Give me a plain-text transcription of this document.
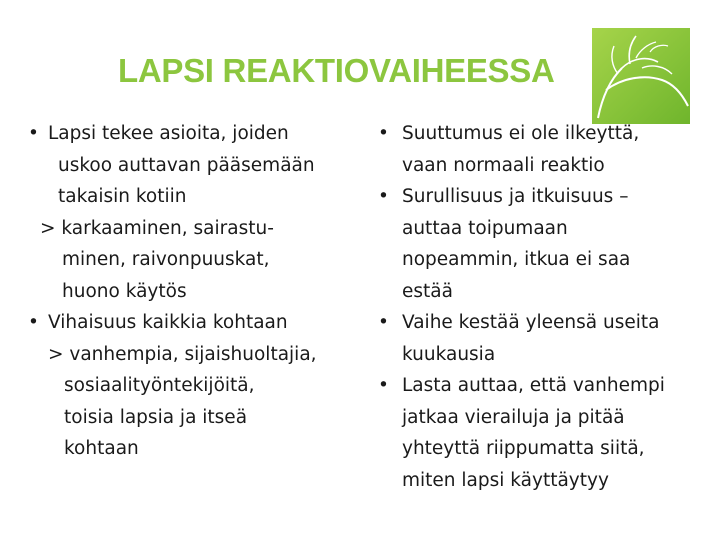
LAPSI REAKTIOVAIHEESSA
• Lapsi tekee asioita, joiden
uskoo auttavan pääsemään
takaisin kotiin
> karkaaminen, sairastu-
minen, raivonpuuskat,
huono käytös
• Vihaisuus kaikkia kohtaan
> vanhempia, sijaishuoltajia,
sosiaalityöntekijöitä,
toisia lapsia ja itseä
kohtaan
• Suuttumus ei ole ilkeyttä,
vaan normaali reaktio
• Surullisuus ja itkuisuus –
auttaa toipumaan
nopeammin, itkua ei saa
estää
• Vaihe kestää yleensä useita
kuukausia
• Lasta auttaa, että vanhempi
jatkaa vierailuja ja pitää
yhteyttä riippumatta siitä,
miten lapsi käyttäytyy
